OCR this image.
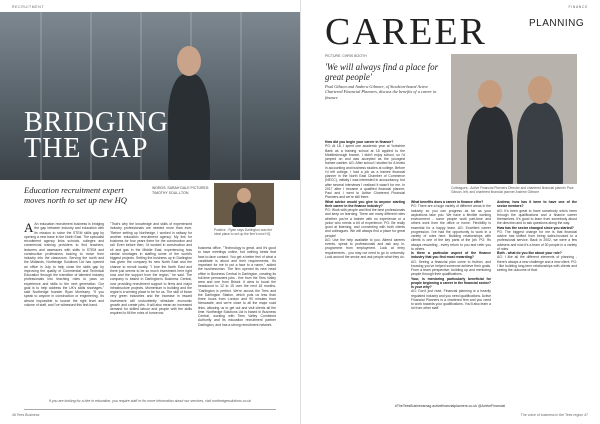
RECRUITMENT
BRIDGING
THE GAP
Education recruitment expert moves north to set up new HQ
WORDS: SARAH DALE PICTURES: TIMOTHY SOUL-LTON
Positive - Ryan says Darlington was the ideal place to set up the firm's new HQ
A An education recruitment business is bridging the gap between industry and education with its mission to solve the STEM skills gap by opening a new base in the North East. The specialist recruitment agency links schools, colleges and commercial training providers to find teachers, lecturers and assessors with skills in STEM and construction professions looking to move from industry into the classroom. Serving the north and the Midlands, Northedge Solutions Ltd has opened an office in July to help close the skills gap by improving the quality of Commercial and Technical Education through the transition of talented industry professionals into teaching roles to pass on experience and skills to the next generation. Our goal is to help address the UK's skills shortages," said Northedge founder Ryan Morrissey. "If you speak to anyone in construction or engineering, it's almost impossible to source the right level and volume of staff, and I've witnessed this first-hand.
"That's why the knowledge and skills of experienced industry professionals are needed more than ever. "Before setting up Northedge, I worked in railway for another education recruitment agency. My link for business for four years there for the construction and rail. Even before then, I'd worked in construction and oil and gas in the Middle East, experiencing how similar shortages in staffing some of the world's biggest projects. Setting the business up in Darlington has given the company its new North East and the chance to recruit locally. "I love the North East and there just seems to be so much investment here right now and the support from the region," he said. The company is based in Darlington's Business Central, now providing recruitment support to firms and major infrastructure projects. Momentum is building and the region's a winning place to be for us. The skill of those very green industries and the increase in inward investment will undoubtedly stimulate economic growth and create jobs. It will also mean an increased demand for skilled labour and people with the skills required to fill the roles of tomorrow.
business office. "Technology is great, and it's good to have meetings online, but nothing beats that face-to-face contact. You get a better feel of what a candidate is about and their requirements. It's important for me to put a face to a name," added the businessman. The firm opened its new head office in Business Central in Darlington, creating its full-time permanent jobs - five from the Tees Valley area and one from Bristol. It aims to boost the headcount to 12 to 15 over the next 18 months. "Darlington is perfect. We're across the Tees and the Darlington Station, which puts us less than three hours from London and 90 minutes from Newcastle, and we're close to all the major road links, allowing us to get out and visit clients all the time. Northedge Solutions Ltd is based in Business Central, working with Tees Valley Combined Authority and its education recruitment partner Darlington, and has a strong recruitment network.
If you are looking for a hire in education, you require staff or for more information about our services, visit northedgesolutions.co.uk
46 Tees Business
FINANCE
CAREER	PLANNING
PICTURE: CHRIS BOOTH
'We will always find a place for great people'
Paul Gibson and Andrew Gilmore, of Stockton-based Active Chartered Financial Planners, discuss the benefits of a career in finance
Colleagues - Active Financial Planners Director and chartered financial planner Paul Gibson, left, and chartered financial planner Andrew Gilmore
How did you begin your career in finance?
PG: At 18, I spent one academic year at Yorkshire Bank as a training school at 18 applied to the Middlesbrough branch. I didn't enjoy school, so I'd jumped on and was accepted as the youngest trainee cashier. AG: After school I studied for A levels in accounting and business studies at college. Before I'd left college, I had a job as a trainee financial planner in the North East Chamber of Commerce (NECC), initially I was interested in accountancy, but after several interviews I realised it wasn't for me. In 2017 after I became a qualified financial planner, Paul and I went to Active Chartered Financial Planners and we're still there.
What advice would you give to anyone starting their career in the finance industry?
PG: Work with people and find the best professionals and keep on learning. There are many different roles whether you're a trainee with no experience or a junior who needs a bit of experience. PG: Be really good at listening, and connecting with both clients and colleagues. We will always find a place for great people!
AG: Use the help available to you. Attend careers events, speak to professionals and ask any in-programme from employment. Look at entry requirements - you may not need to go to university. Look around the sector and ask people what they do.
What benefits does a career in finance offer?
PG: There are a huge variety of different areas in the industry so you can progress as far as your aspirations take you. We have a flexible working environment - some people work part-time and others work from the office or home. Flexibility is essential for a happy team. AG: Excellent career progression. I've had the opportunity to work in a variety of roles here. Building relationships with clients is one of the key parts of the job. PG: It's always rewarding - every return to you and refer you to others.
Is there a particular aspect of the finance industry that you find most rewarding?
AG: Seeing a financial plan come to fruition, and knowing you've helped someone achieve their goals. From a team perspective, building up and mentoring people through their qualifications.
Your, is mentoring particularly beneficial for people beginning a career in the financial sector? Is your why?
AG: Don't just read. Financial planning is a heavily regulated industry and you need qualifications. Active Financial Planners is a chartered firm and you need to work towards your qualifications. You'll also learn a lot from other staff.
Andrew, how has it been to have one of the sector mentors?
AG: It's been great to have somebody who's been through the qualifications and a finance career themselves. It's good to learn from somebody about the direction and to ask questions along the way.
How has the sector changed since you started?
PG: The biggest change for me is that financial advice has shifted from being sales-focused to a professional service. Back in 2002, we were a few advisers and now it's a team of 30 people in a variety of roles.
Both - what do you like about your role?
AG: I like all the different elements of planning - there's always a new challenge and a new client. PG: I like building long-term relationships with clients and seeing the outcome of that.
The voice of business in the Tees region 47
#TheTeesBusinessmag activefinancialplanners.co.uk @ActiveFinancial
